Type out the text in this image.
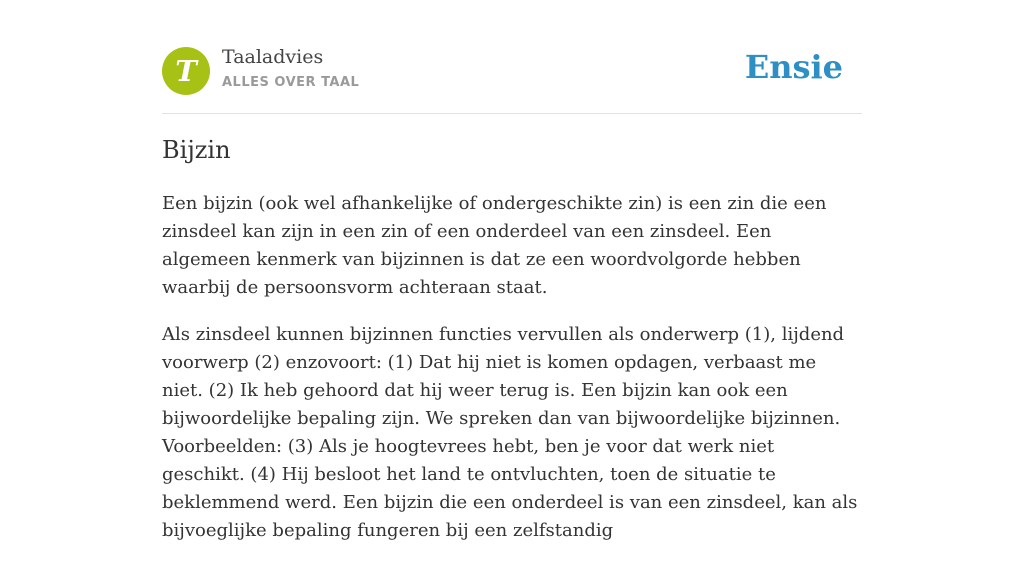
T	Taaladvies
ALLES OVER TAAL	Ensie
Bijzin

Een bijzin (ook wel afhankelijke of ondergeschikte zin) is een zin die een zinsdeel kan zijn in een zin of een onderdeel van een zinsdeel. Een algemeen kenmerk van bijzinnen is dat ze een woordvolgorde hebben waarbij de persoonsvorm achteraan staat.

Als zinsdeel kunnen bijzinnen functies vervullen als onderwerp (1), lijdend voorwerp (2) enzovoort: (1) Dat hij niet is komen opdagen, verbaast me niet. (2) Ik heb gehoord dat hij weer terug is. Een bijzin kan ook een bijwoordelijke bepaling zijn. We spreken dan van bijwoordelijke bijzinnen. Voorbeelden: (3) Als je hoogtevrees hebt, ben je voor dat werk niet geschikt. (4) Hij besloot het land te ontvluchten, toen de situatie te beklemmend werd. Een bijzin die een onderdeel is van een zinsdeel, kan als bijvoeglijke bepaling fungeren bij een zelfstandig
